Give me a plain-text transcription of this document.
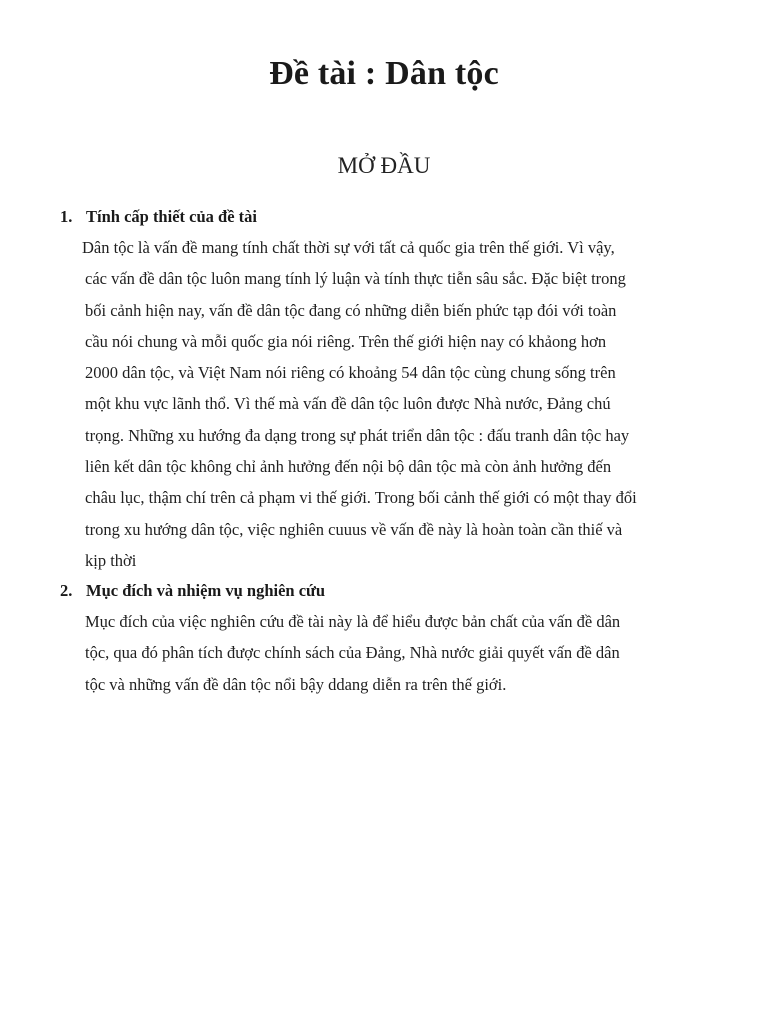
Đề tài : Dân tộc
MỞ ĐẦU
1. Tính cấp thiết của đề tài
Dân tộc là vấn đề mang tính chất thời sự với tất cả quốc gia trên thế giới. Vì vậy,
các vấn đề dân tộc luôn mang tính lý luận và tính thực tiễn sâu sắc. Đặc biệt trong
bối cảnh hiện nay, vấn đề dân tộc đang có những diễn biến phức tạp đói với toàn
cầu nói chung và mỗi quốc gia nói riêng. Trên thế giới hiện nay có khảong hơn
2000 dân tộc, và Việt Nam nói riêng có khoảng 54 dân tộc cùng chung sống trên
một khu vực lãnh thổ. Vì thế mà vấn đề dân tộc luôn được Nhà nước, Đảng chú
trọng. Những xu hướng đa dạng trong sự phát triển dân tộc : đấu tranh dân tộc hay
liên kết dân tộc không chỉ ảnh hưởng đến nội bộ dân tộc mà còn ảnh hưởng đến
châu lục, thậm chí trên cả phạm vi thế giới. Trong bối cảnh thế giới có một thay đổi
trong xu hướng dân tộc, việc nghiên cuuus về vấn đề này là hoàn toàn cần thiế và
kịp thời
2. Mục đích và nhiệm vụ nghiên cứu
Mục đích của việc nghiên cứu đề tài này là để hiểu được bản chất của vấn đề dân
tộc, qua đó phân tích được chính sách của Đảng, Nhà nước giải quyết vấn đề dân
tộc và những vấn đề dân tộc nổi bậy ddang diễn ra trên thế giới.
